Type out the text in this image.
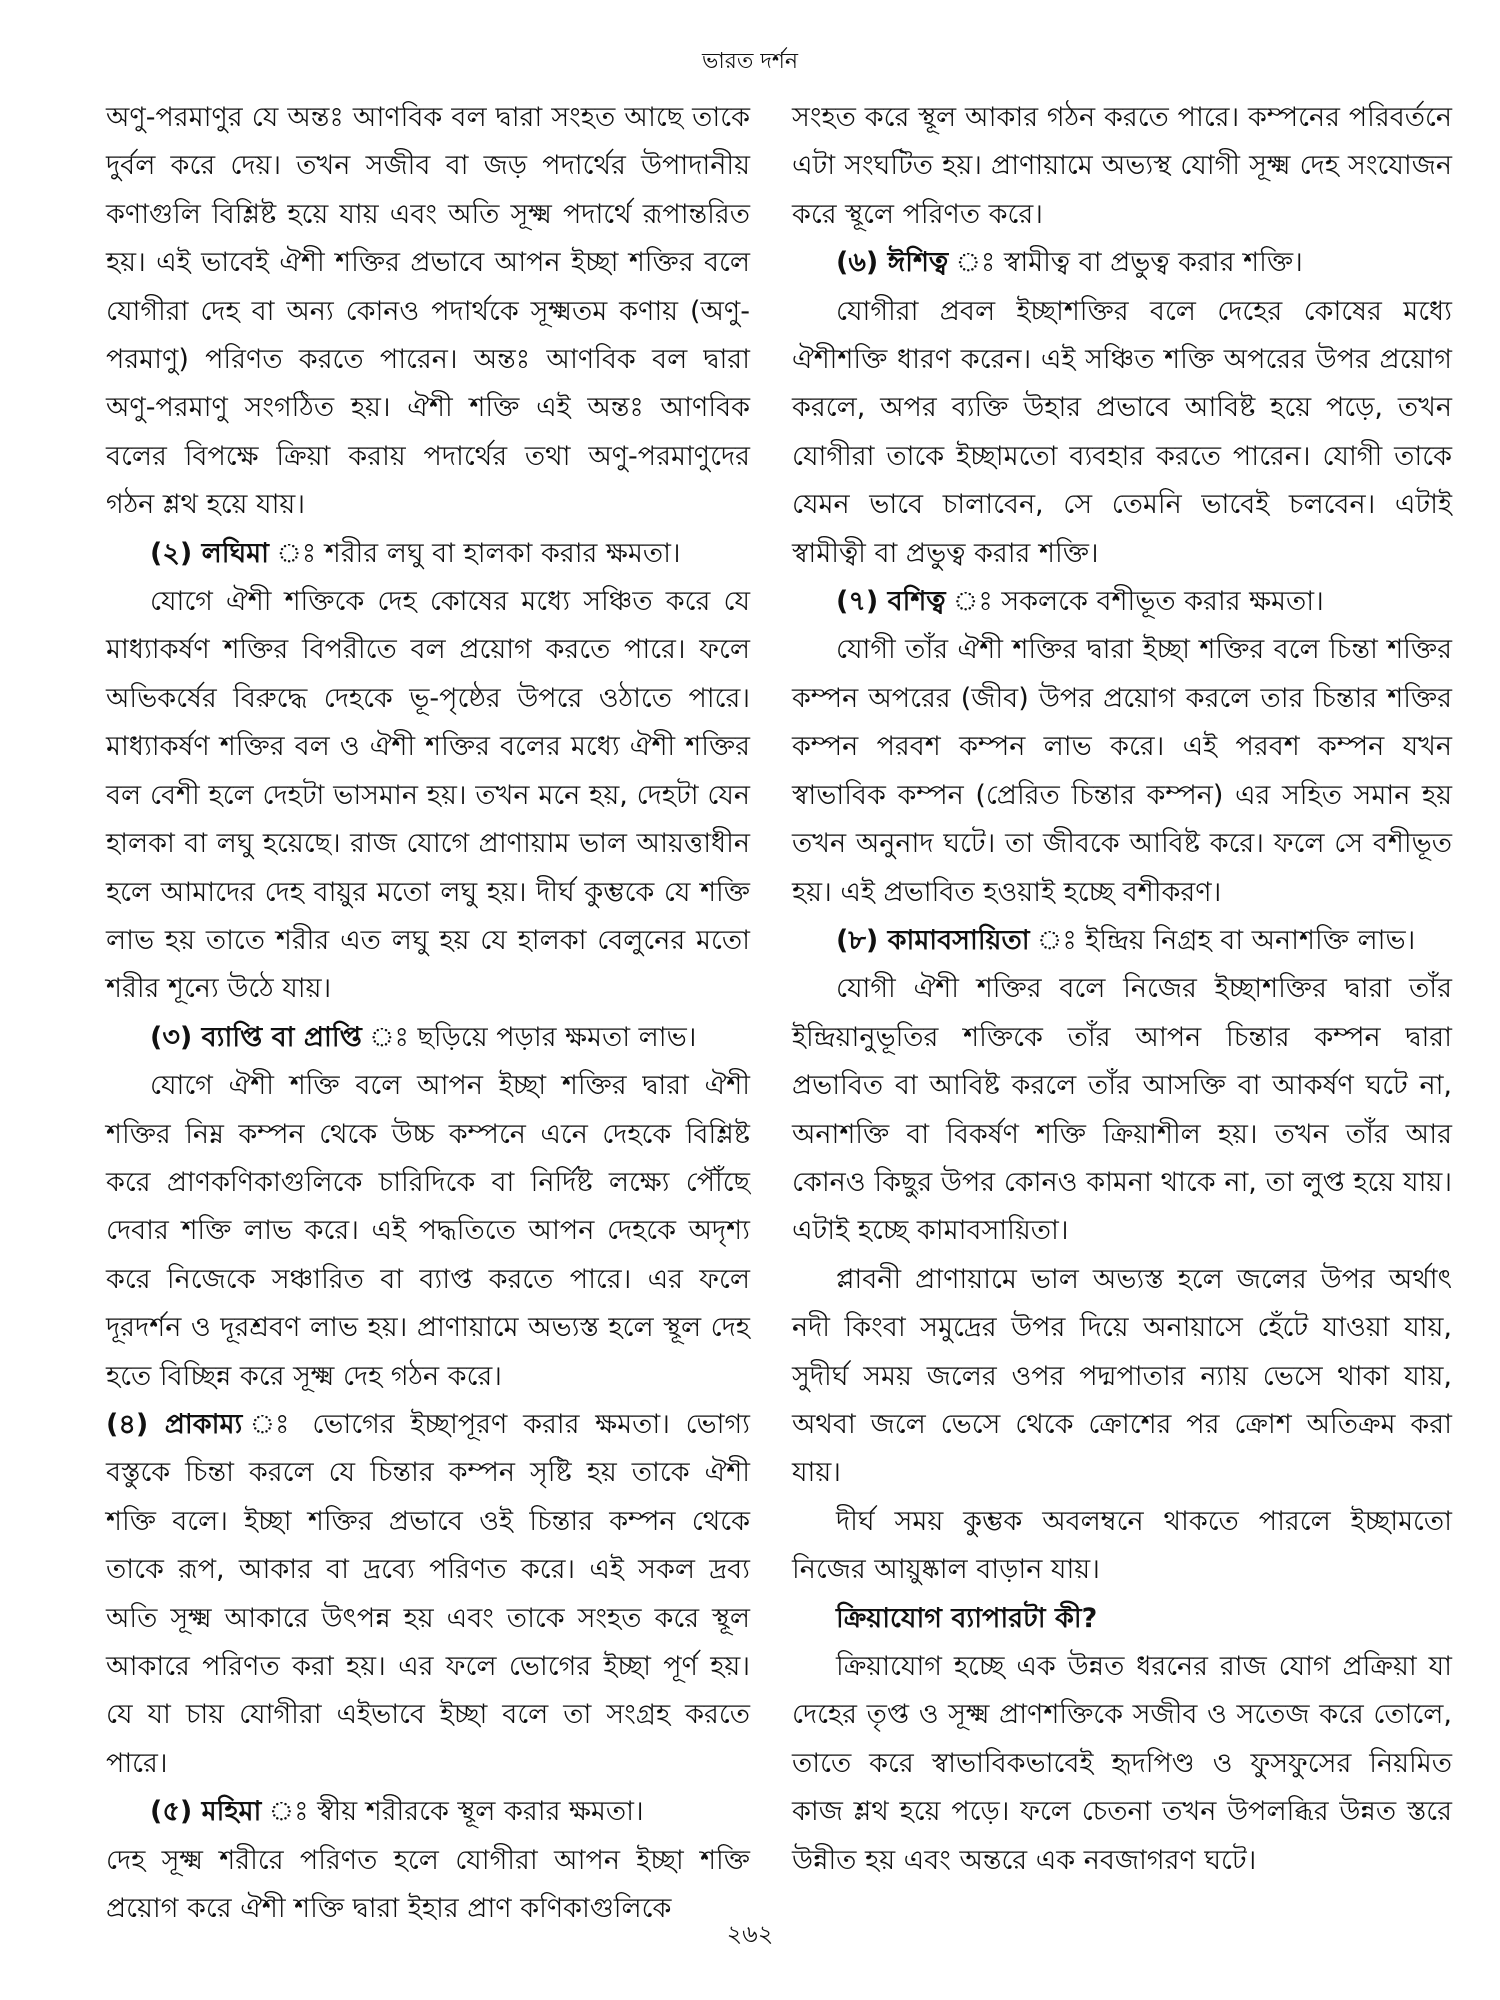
ভারত দর্শন

অণু-পরমাণুর যে অন্তঃ আণবিক বল দ্বারা সংহত আছে তাকে দুর্বল করে দেয়। তখন সজীব বা জড় পদার্থের উপাদানীয় কণাগুলি বিশ্লিষ্ট হয়ে যায় এবং অতি সূক্ষ্ম পদার্থে রূপান্তরিত হয়। এই ভাবেই ঐশী শক্তির প্রভাবে আপন ইচ্ছা শক্তির বলে যোগীরা দেহ বা অন্য কোনও পদার্থকে সূক্ষ্মতম কণায় (অণু-পরমাণু) পরিণত করতে পারেন। অন্তঃ আণবিক বল দ্বারা অণু-পরমাণু সংগঠিত হয়। ঐশী শক্তি এই অন্তঃ আণবিক বলের বিপক্ষে ক্রিয়া করায় পদার্থের তথা অণু-পরমাণুদের গঠন শ্লথ হয়ে যায়।

(২) লঘিমা ঃ শরীর লঘু বা হালকা করার ক্ষমতা।

যোগে ঐশী শক্তিকে দেহ কোষের মধ্যে সঞ্চিত করে যে মাধ্যাকর্ষণ শক্তির বিপরীতে বল প্রয়োগ করতে পারে। ফলে অভিকর্ষের বিরুদ্ধে দেহকে ভূ-পৃষ্ঠের উপরে ওঠাতে পারে। মাধ্যাকর্ষণ শক্তির বল ও ঐশী শক্তির বলের মধ্যে ঐশী শক্তির বল বেশী হলে দেহটা ভাসমান হয়। তখন মনে হয়, দেহটা যেন হালকা বা লঘু হয়েছে। রাজ যোগে প্রাণায়াম ভাল আয়ত্তাধীন হলে আমাদের দেহ বায়ুর মতো লঘু হয়। দীর্ঘ কুম্ভকে যে শক্তি লাভ হয় তাতে শরীর এত লঘু হয় যে হালকা বেলুনের মতো শরীর শূন্যে উঠে যায়।

(৩) ব্যাপ্তি বা প্রাপ্তি ঃ ছড়িয়ে পড়ার ক্ষমতা লাভ।

যোগে ঐশী শক্তি বলে আপন ইচ্ছা শক্তির দ্বারা ঐশী শক্তির নিম্ন কম্পন থেকে উচ্চ কম্পনে এনে দেহকে বিশ্লিষ্ট করে প্রাণকণিকাগুলিকে চারিদিকে বা নির্দিষ্ট লক্ষ্যে পৌঁছে দেবার শক্তি লাভ করে। এই পদ্ধতিতে আপন দেহকে অদৃশ্য করে নিজেকে সঞ্চারিত বা ব্যাপ্ত করতে পারে। এর ফলে দূরদর্শন ও দূরশ্রবণ লাভ হয়। প্রাণায়ামে অভ্যস্ত হলে স্থূল দেহ হতে বিচ্ছিন্ন করে সূক্ষ্ম দেহ গঠন করে।

(৪) প্রাকাম্য ঃ ভোগের ইচ্ছাপূরণ করার ক্ষমতা। ভোগ্য বস্তুকে চিন্তা করলে যে চিন্তার কম্পন সৃষ্টি হয় তাকে ঐশী শক্তি বলে। ইচ্ছা শক্তির প্রভাবে ওই চিন্তার কম্পন থেকে তাকে রূপ, আকার বা দ্রব্যে পরিণত করে। এই সকল দ্রব্য অতি সূক্ষ্ম আকারে উৎপন্ন হয় এবং তাকে সংহত করে স্থূল আকারে পরিণত করা হয়। এর ফলে ভোগের ইচ্ছা পূর্ণ হয়। যে যা চায় যোগীরা এইভাবে ইচ্ছা বলে তা সংগ্রহ করতে পারে।

(৫) মহিমা ঃ স্বীয় শরীরকে স্থূল করার ক্ষমতা।

দেহ সূক্ষ্ম শরীরে পরিণত হলে যোগীরা আপন ইচ্ছা শক্তি প্রয়োগ করে ঐশী শক্তি দ্বারা ইহার প্রাণ কণিকাগুলিকে

সংহত করে স্থূল আকার গঠন করতে পারে। কম্পনের পরিবর্তনে এটা সংঘটিত হয়। প্রাণায়ামে অভ্যস্থ যোগী সূক্ষ্ম দেহ সংযোজন করে স্থূলে পরিণত করে।

(৬) ঈশিত্ব ঃ স্বামীত্ব বা প্রভুত্ব করার শক্তি।

যোগীরা প্রবল ইচ্ছাশক্তির বলে দেহের কোষের মধ্যে ঐশীশক্তি ধারণ করেন। এই সঞ্চিত শক্তি অপরের উপর প্রয়োগ করলে, অপর ব্যক্তি উহার প্রভাবে আবিষ্ট হয়ে পড়ে, তখন যোগীরা তাকে ইচ্ছামতো ব্যবহার করতে পারেন। যোগী তাকে যেমন ভাবে চালাবেন, সে তেমনি ভাবেই চলবেন। এটাই স্বামীত্বী বা প্রভুত্ব করার শক্তি।

(৭) বশিত্ব ঃ সকলকে বশীভূত করার ক্ষমতা।

যোগী তাঁর ঐশী শক্তির দ্বারা ইচ্ছা শক্তির বলে চিন্তা শক্তির কম্পন অপরের (জীব) উপর প্রয়োগ করলে তার চিন্তার শক্তির কম্পন পরবশ কম্পন লাভ করে। এই পরবশ কম্পন যখন স্বাভাবিক কম্পন (প্রেরিত চিন্তার কম্পন) এর সহিত সমান হয় তখন অনুনাদ ঘটে। তা জীবকে আবিষ্ট করে। ফলে সে বশীভূত হয়। এই প্রভাবিত হওয়াই হচ্ছে বশীকরণ।

(৮) কামাবসায়িতা ঃ ইন্দ্রিয় নিগ্রহ বা অনাশক্তি লাভ।

যোগী ঐশী শক্তির বলে নিজের ইচ্ছাশক্তির দ্বারা তাঁর ইন্দ্রিয়ানুভূতির শক্তিকে তাঁর আপন চিন্তার কম্পন দ্বারা প্রভাবিত বা আবিষ্ট করলে তাঁর আসক্তি বা আকর্ষণ ঘটে না, অনাশক্তি বা বিকর্ষণ শক্তি ক্রিয়াশীল হয়। তখন তাঁর আর কোনও কিছুর উপর কোনও কামনা থাকে না, তা লুপ্ত হয়ে যায়। এটাই হচ্ছে কামাবসায়িতা।

প্লাবনী প্রাণায়ামে ভাল অভ্যস্ত হলে জলের উপর অর্থাৎ নদী কিংবা সমুদ্রের উপর দিয়ে অনায়াসে হেঁটে যাওয়া যায়, সুদীর্ঘ সময় জলের ওপর পদ্মপাতার ন্যায় ভেসে থাকা যায়, অথবা জলে ভেসে থেকে ক্রোশের পর ক্রোশ অতিক্রম করা যায়।

দীর্ঘ সময় কুম্ভক অবলম্বনে থাকতে পারলে ইচ্ছামতো নিজের আয়ুষ্কাল বাড়ান যায়।

ক্রিয়াযোগ ব্যাপারটা কী?

ক্রিয়াযোগ হচ্ছে এক উন্নত ধরনের রাজ যোগ প্রক্রিয়া যা দেহের তৃপ্ত ও সূক্ষ্ম প্রাণশক্তিকে সজীব ও সতেজ করে তোলে, তাতে করে স্বাভাবিকভাবেই হৃদপিণ্ড ও ফুসফুসের নিয়মিত কাজ শ্লথ হয়ে পড়ে। ফলে চেতনা তখন উপলব্ধির উন্নত স্তরে উন্নীত হয় এবং অন্তরে এক নবজাগরণ ঘটে।

২৬২
